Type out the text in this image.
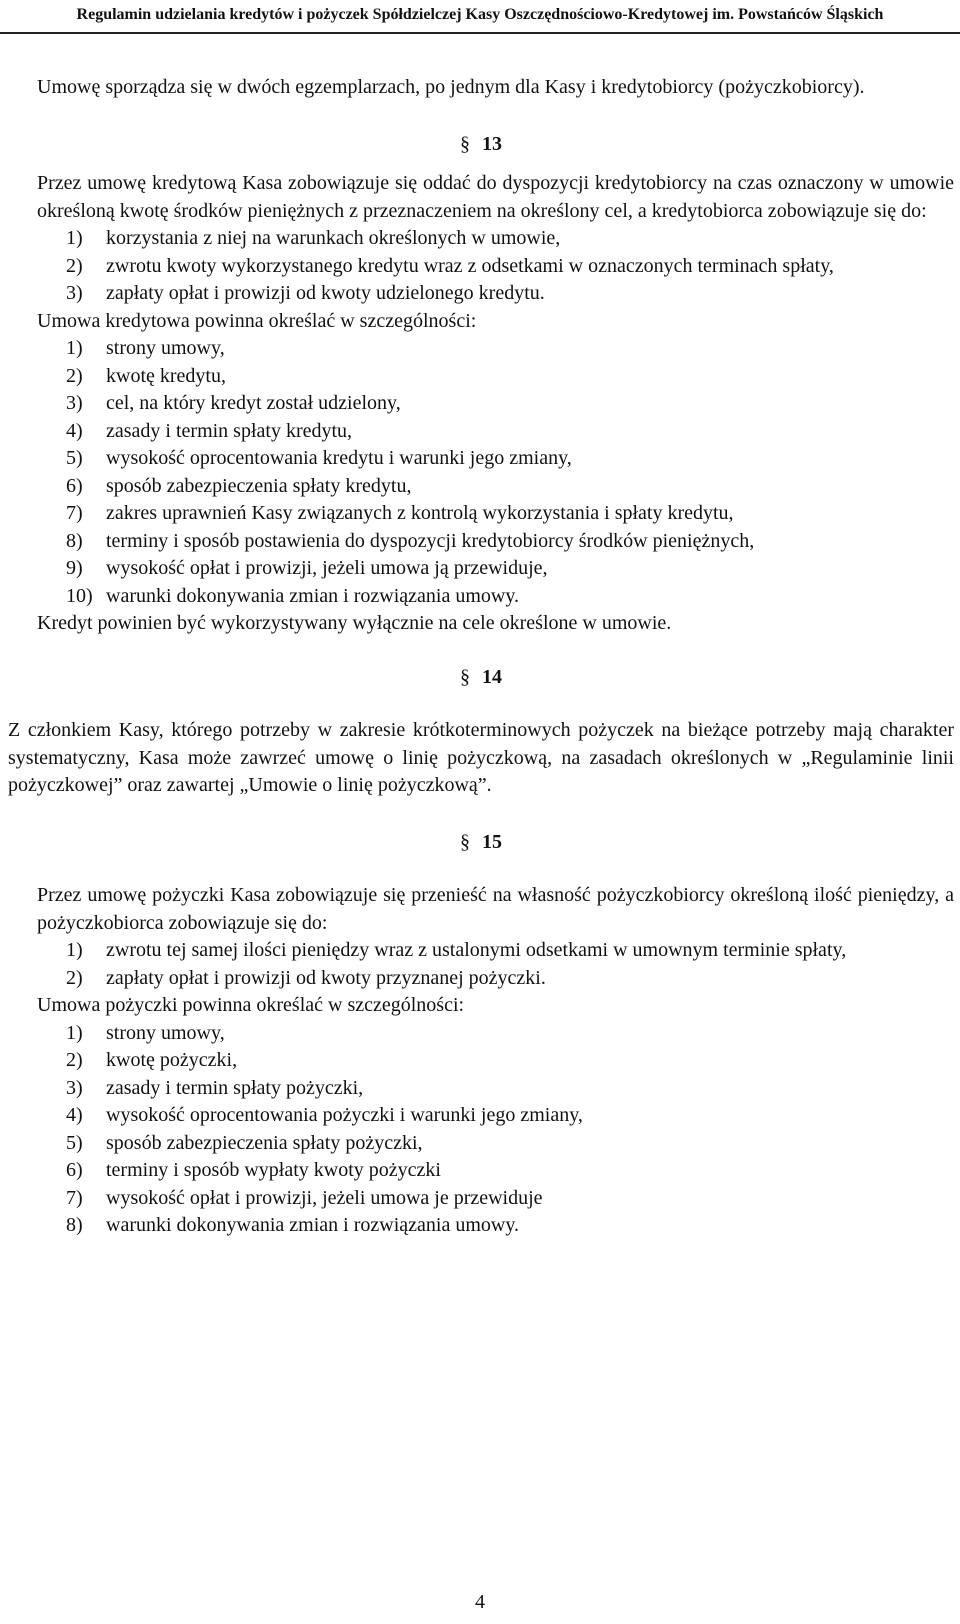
Regulamin udzielania kredytów i pożyczek Spółdzielczej Kasy Oszczędnościowo-Kredytowej im. Powstańców Śląskich

Umowę sporządza się w dwóch egzemplarzach, po jednym dla Kasy i kredytobiorcy (pożyczkobiorcy).

§ 13

Przez umowę kredytową Kasa zobowiązuje się oddać do dyspozycji kredytobiorcy na czas oznaczony w umowie określoną kwotę środków pieniężnych z przeznaczeniem na określony cel, a kredytobiorca zobowiązuje się do:

1) korzystania z niej na warunkach określonych w umowie,

2) zwrotu kwoty wykorzystanego kredytu wraz z odsetkami w oznaczonych terminach spłaty,

3) zapłaty opłat i prowizji od kwoty udzielonego kredytu.

Umowa kredytowa powinna określać w szczególności:

1) strony umowy,

2) kwotę kredytu,

3) cel, na który kredyt został udzielony,

4) zasady i termin spłaty kredytu,

5) wysokość oprocentowania kredytu i warunki jego zmiany,

6) sposób zabezpieczenia spłaty kredytu,

7) zakres uprawnień Kasy związanych z kontrolą wykorzystania i spłaty kredytu,

8) terminy i sposób postawienia do dyspozycji kredytobiorcy środków pieniężnych,

9) wysokość opłat i prowizji, jeżeli umowa ją przewiduje,

10) warunki dokonywania zmian i rozwiązania umowy.

Kredyt powinien być wykorzystywany wyłącznie na cele określone w umowie.

§ 14

Z członkiem Kasy, którego potrzeby w zakresie krótkoterminowych pożyczek na bieżące potrzeby mają charakter systematyczny, Kasa może zawrzeć umowę o linię pożyczkową, na zasadach określonych w „Regulaminie linii pożyczkowej” oraz zawartej „Umowie o linię pożyczkową”.

§ 15

Przez umowę pożyczki Kasa zobowiązuje się przenieść na własność pożyczkobiorcy określoną ilość pieniędzy, a pożyczkobiorca zobowiązuje się do:

1) zwrotu tej samej ilości pieniędzy wraz z ustalonymi odsetkami w umownym terminie spłaty,

2) zapłaty opłat i prowizji od kwoty przyznanej pożyczki.

Umowa pożyczki powinna określać w szczególności:

1) strony umowy,

2) kwotę pożyczki,

3) zasady i termin spłaty pożyczki,

4) wysokość oprocentowania pożyczki i warunki jego zmiany,

5) sposób zabezpieczenia spłaty pożyczki,

6) terminy i sposób wypłaty kwoty pożyczki

7) wysokość opłat i prowizji, jeżeli umowa je przewiduje

8) warunki dokonywania zmian i rozwiązania umowy.

4
